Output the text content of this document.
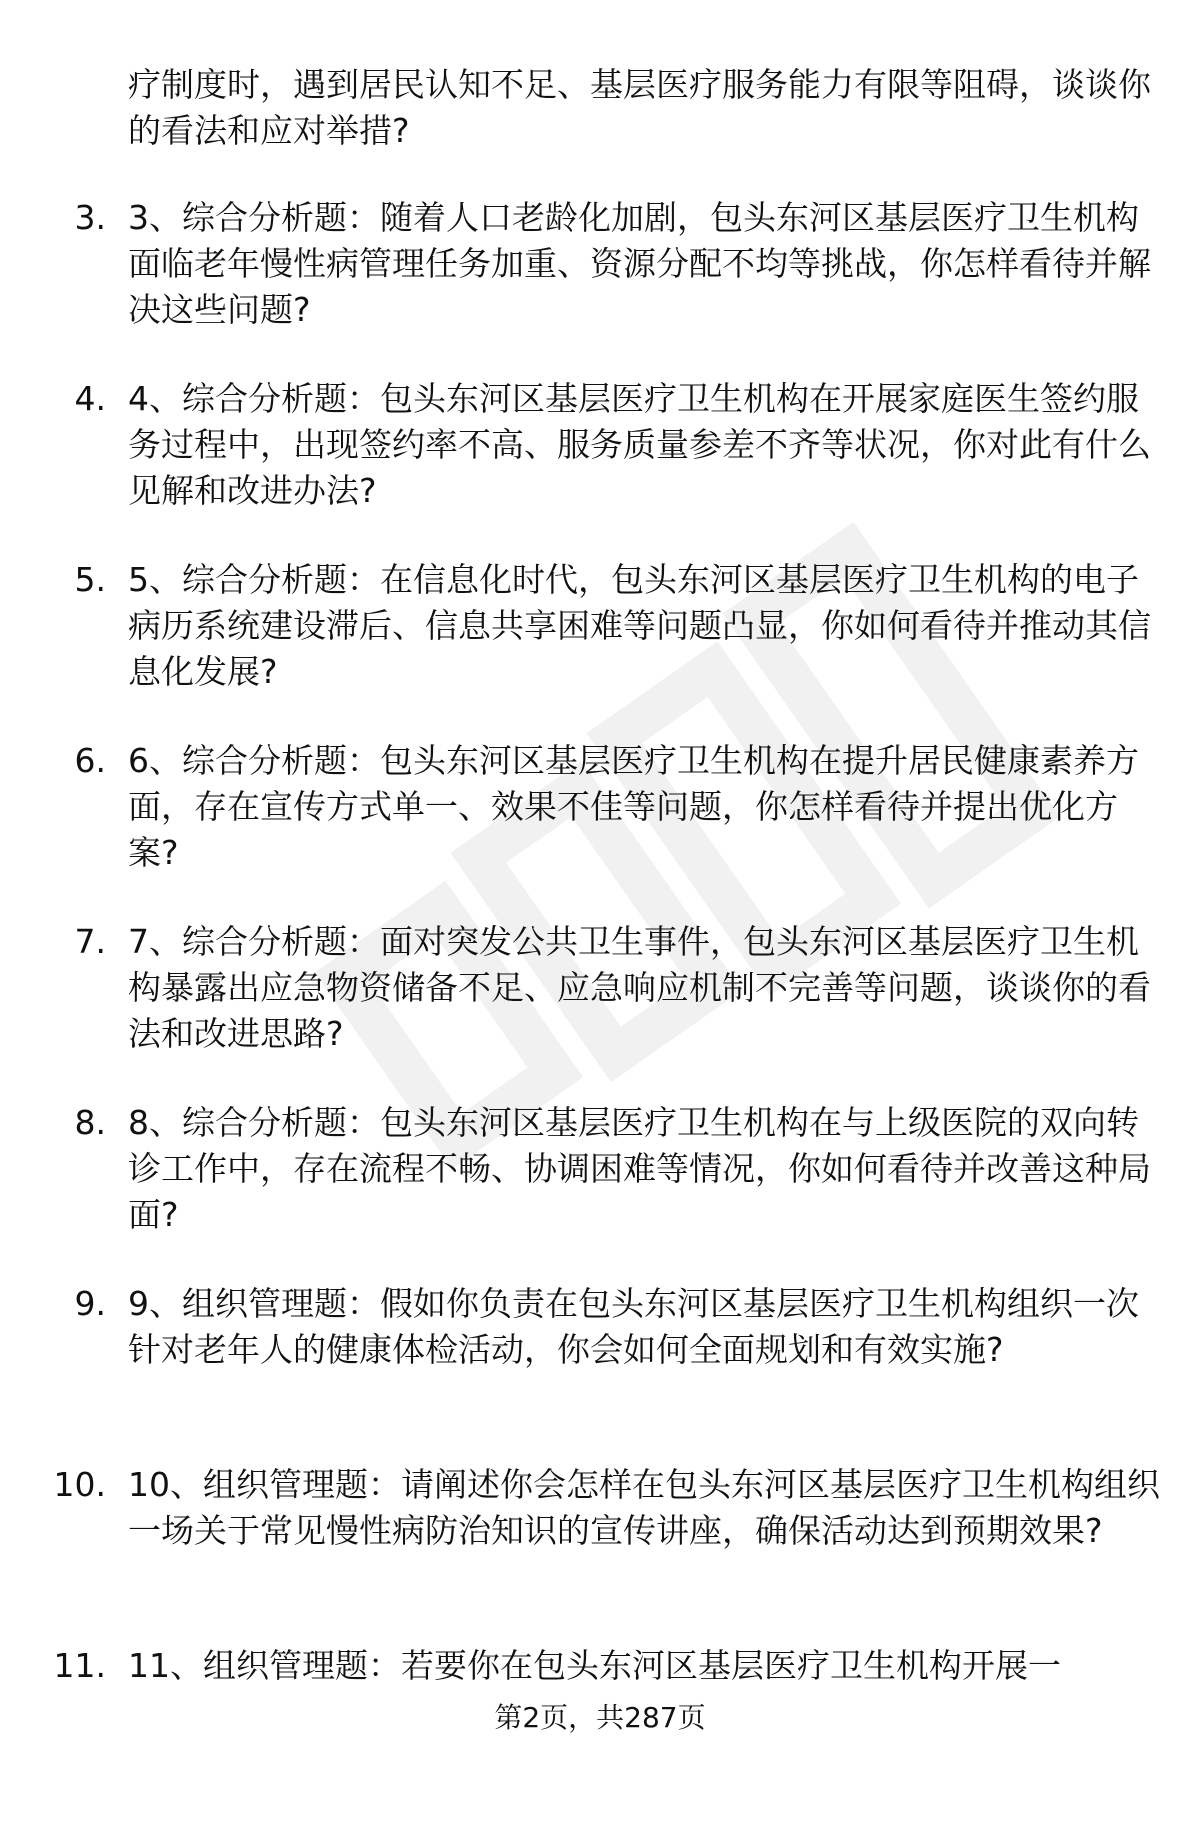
疗制度时，遇到居民认知不足、基层医疗服务能力有限等阻碍，谈谈你的看法和应对举措?
3. 3、综合分析题：随着人口老龄化加剧，包头东河区基层医疗卫生机构面临老年慢性病管理任务加重、资源分配不均等挑战，你怎样看待并解决这些问题?
4. 4、综合分析题：包头东河区基层医疗卫生机构在开展家庭医生签约服务过程中，出现签约率不高、服务质量参差不齐等状况，你对此有什么见解和改进办法?
5. 5、综合分析题：在信息化时代，包头东河区基层医疗卫生机构的电子病历系统建设滞后、信息共享困难等问题凸显，你如何看待并推动其信息化发展?
6. 6、综合分析题：包头东河区基层医疗卫生机构在提升居民健康素养方面，存在宣传方式单一、效果不佳等问题，你怎样看待并提出优化方案?
7. 7、综合分析题：面对突发公共卫生事件，包头东河区基层医疗卫生机构暴露出应急物资储备不足、应急响应机制不完善等问题，谈谈你的看法和改进思路?
8. 8、综合分析题：包头东河区基层医疗卫生机构在与上级医院的双向转诊工作中，存在流程不畅、协调困难等情况，你如何看待并改善这种局面?
9. 9、组织管理题：假如你负责在包头东河区基层医疗卫生机构组织一次针对老年人的健康体检活动，你会如何全面规划和有效实施?
10. 10、组织管理题：请阐述你会怎样在包头东河区基层医疗卫生机构组织一场关于常见慢性病防治知识的宣传讲座，确保活动达到预期效果?
11. 11、组织管理题：若要你在包头东河区基层医疗卫生机构开展一
第2页，共287页
